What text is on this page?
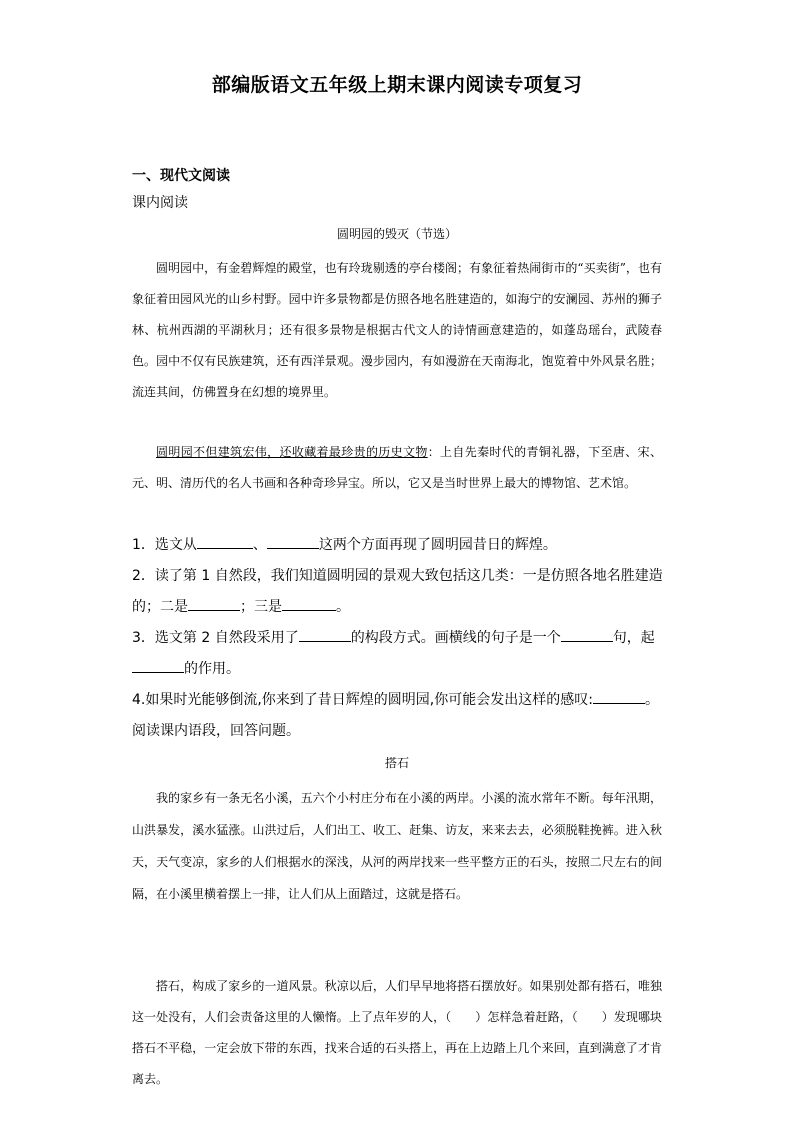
部编版语文五年级上期末课内阅读专项复习
一、现代文阅读
课内阅读
圆明园的毁灭（节选）
圆明园中，有金碧辉煌的殿堂，也有玲珑剔透的亭台楼阁；有象征着热闹街市的“买卖街”，也有象征着田园风光的山乡村野。园中许多景物都是仿照各地名胜建造的，如海宁的安澜园、苏州的狮子林、杭州西湖的平湖秋月；还有很多景物是根据古代文人的诗情画意建造的，如蓬岛瑶台，武陵春色。园中不仅有民族建筑，还有西洋景观。漫步园内，有如漫游在天南海北，饱览着中外风景名胜；流连其间，仿佛置身在幻想的境界里。
圆明园不但建筑宏伟，还收藏着最珍贵的历史文物：上自先秦时代的青铜礼器，下至唐、宋、元、明、清历代的名人书画和各种奇珍异宝。所以，它又是当时世界上最大的博物馆、艺术馆。
1．选文从	、	这两个方面再现了圆明园昔日的辉煌。
2．读了第 1 自然段，我们知道圆明园的景观大致包括这几类：一是仿照各地名胜建造的；二是	；三是	。
3．选文第 2 自然段采用了	的构段方式。画横线的句子是一个	句，起的作用。
4.如果时光能够倒流,你来到了昔日辉煌的圆明园,你可能会发出这样的感叹:	。
阅读课内语段，回答问题。
搭石
我的家乡有一条无名小溪，五六个小村庄分布在小溪的两岸。小溪的流水常年不断。每年汛期，山洪暴发，溪水猛涨。山洪过后，人们出工、收工、赶集、访友，来来去去，必须脱鞋挽裤。进入秋天，天气变凉，家乡的人们根据水的深浅，从河的两岸找来一些平整方正的石头，按照二尺左右的间隔，在小溪里横着摆上一排，让人们从上面踏过，这就是搭石。
搭石，构成了家乡的一道风景。秋凉以后，人们早早地将搭石摆放好。如果别处都有搭石，唯独这一处没有，人们会责备这里的人懒惰。上了点年岁的人，（　　）怎样急着赶路，（　　）发现哪块搭石不平稳，一定会放下带的东西，找来合适的石头搭上，再在上边踏上几个来回，直到满意了才肯离去。
